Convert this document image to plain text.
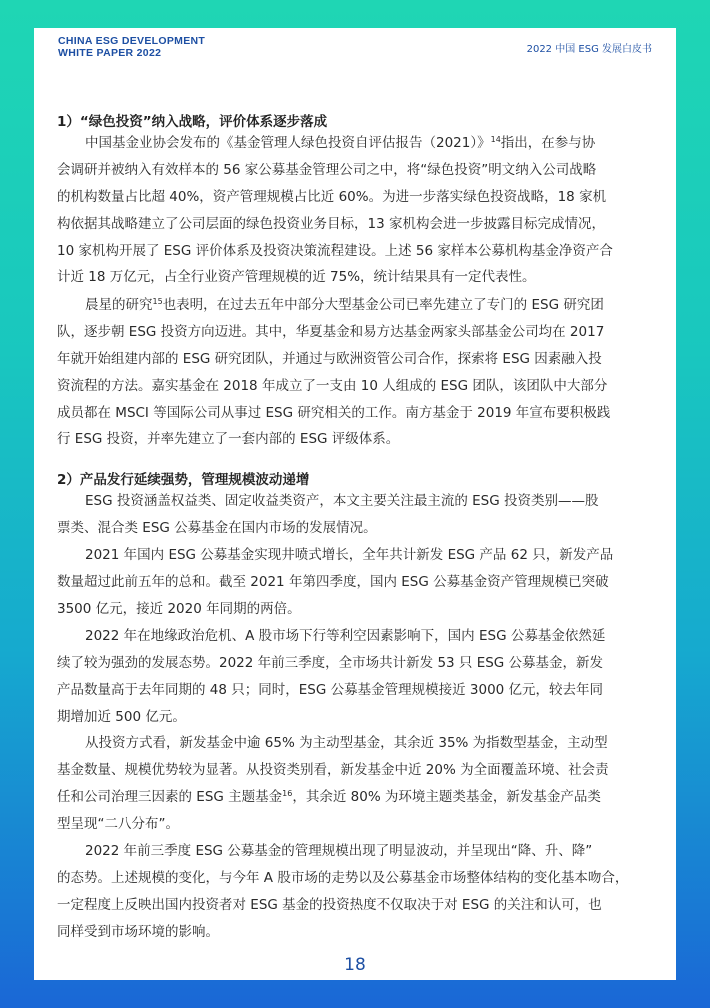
CHINA ESG DEVELOPMENT
WHITE PAPER 2022	2022 中国 ESG 发展白皮书
1）“绿色投资”纳入战略，评价体系逐步落成
中国基金业协会发布的《基金管理人绿色投资自评估报告（2021）》$^{14}$指出，在参与协
会调研并被纳入有效样本的 56 家公募基金管理公司之中，将“绿色投资”明文纳入公司战略
的机构数量占比超 40%，资产管理规模占比近 60%。为进一步落实绿色投资战略，18 家机
构依据其战略建立了公司层面的绿色投资业务目标，13 家机构会进一步披露目标完成情况，
10 家机构开展了 ESG 评价体系及投资决策流程建设。上述 56 家样本公募机构基金净资产合
计近 18 万亿元，占全行业资产管理规模的近 75%，统计结果具有一定代表性。
晨星的研究$^{15}$也表明，在过去五年中部分大型基金公司已率先建立了专门的 ESG 研究团
队，逐步朝 ESG 投资方向迈进。其中，华夏基金和易方达基金两家头部基金公司均在 2017
年就开始组建内部的 ESG 研究团队，并通过与欧洲资管公司合作，探索将 ESG 因素融入投
资流程的方法。嘉实基金在 2018 年成立了一支由 10 人组成的 ESG 团队，该团队中大部分
成员都在 MSCI 等国际公司从事过 ESG 研究相关的工作。南方基金于 2019 年宣布要积极践
行 ESG 投资，并率先建立了一套内部的 ESG 评级体系。
2）产品发行延续强势，管理规模波动递增
ESG 投资涵盖权益类、固定收益类资产，本文主要关注最主流的 ESG 投资类别——股
票类、混合类 ESG 公募基金在国内市场的发展情况。
2021 年国内 ESG 公募基金实现井喷式增长，全年共计新发 ESG 产品 62 只，新发产品
数量超过此前五年的总和。截至 2021 年第四季度，国内 ESG 公募基金资产管理规模已突破
3500 亿元，接近 2020 年同期的两倍。
2022 年在地缘政治危机、A 股市场下行等利空因素影响下，国内 ESG 公募基金依然延
续了较为强劲的发展态势。2022 年前三季度，全市场共计新发 53 只 ESG 公募基金，新发
产品数量高于去年同期的 48 只；同时，ESG 公募基金管理规模接近 3000 亿元，较去年同
期增加近 500 亿元。
从投资方式看，新发基金中逾 65% 为主动型基金，其余近 35% 为指数型基金，主动型
基金数量、规模优势较为显著。从投资类别看，新发基金中近 20% 为全面覆盖环境、社会责
任和公司治理三因素的 ESG 主题基金$^{16}$，其余近 80% 为环境主题类基金，新发基金产品类
型呈现“二八分布”。
2022 年前三季度 ESG 公募基金的管理规模出现了明显波动，并呈现出“降、升、降”
的态势。上述规模的变化，与今年 A 股市场的走势以及公募基金市场整体结构的变化基本吻合，
一定程度上反映出国内投资者对 ESG 基金的投资热度不仅取决于对 ESG 的关注和认可，也
同样受到市场环境的影响。
18
